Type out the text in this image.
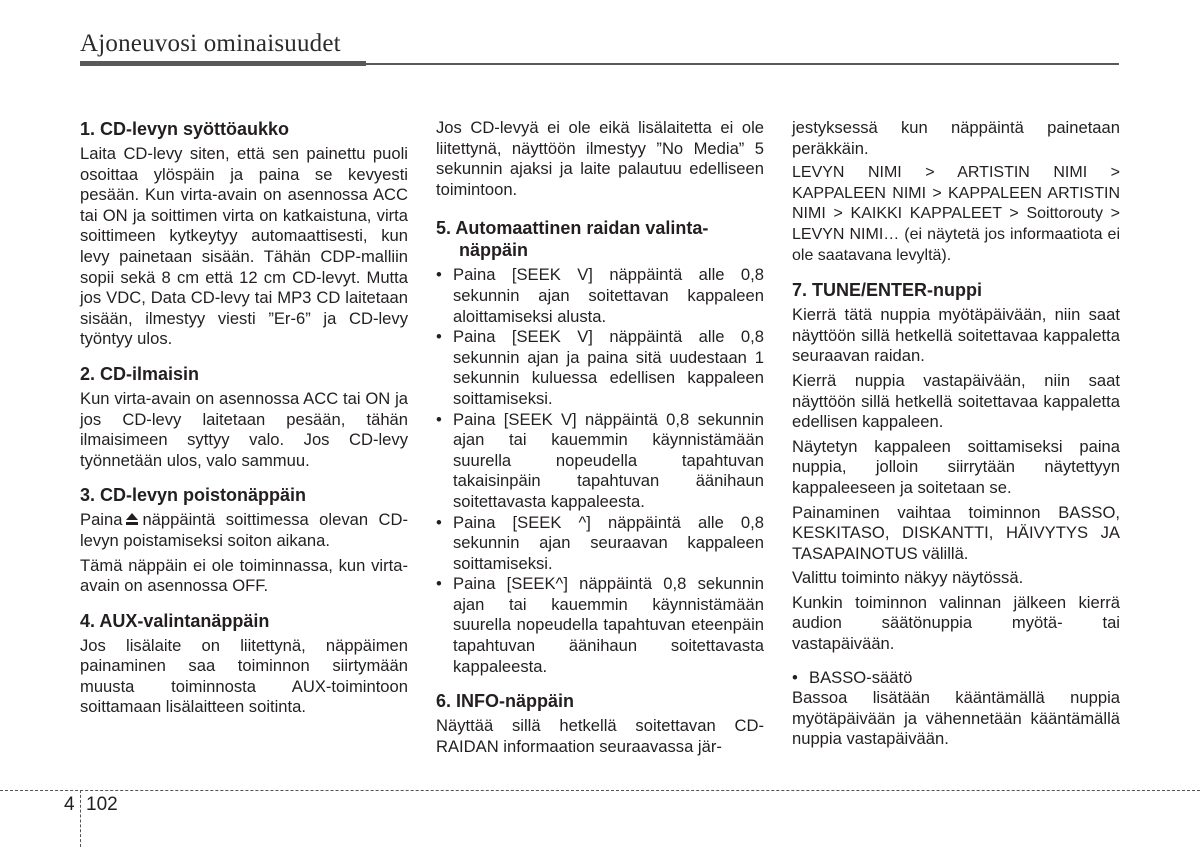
Ajoneuvosi ominaisuudet
1. CD-levyn syöttöaukko

Laita CD-levy siten, että sen painettu puoli osoittaa ylöspäin ja paina se kevyesti pesään. Kun virta-avain on asennossa ACC tai ON ja soittimen virta on katkaistuna, virta soittimeen kytkeytyy automaattisesti, kun levy painetaan sisään. Tähän CDP-malliin sopii sekä 8 cm että 12 cm CD-levyt. Mutta jos VDC, Data CD-levy tai MP3 CD laitetaan sisään, ilmestyy viesti ”Er-6” ja CD-levy työntyy ulos.

2. CD-ilmaisin

Kun virta-avain on asennossa ACC tai ON ja jos CD-levy laitetaan pesään, tähän ilmaisimeen syttyy valo. Jos CD-levy työnnetään ulos, valo sammuu.

3. CD-levyn poistonäppäin

Paina näppäintä soittimessa olevan CD-levyn poistamiseksi soiton aikana.

Tämä näppäin ei ole toiminnassa, kun virta-avain on asennossa OFF.

4. AUX-valintanäppäin

Jos lisälaite on liitettynä, näppäimen painaminen saa toiminnon siirtymään muusta toiminnosta AUX-toimintoon soittamaan lisälaitteen soitinta.

Jos CD-levyä ei ole eikä lisälaitetta ei ole liitettynä, näyttöön ilmestyy ”No Media” 5 sekunnin ajaksi ja laite palautuu edelliseen toimintoon.

5. Automaattinen raidan valinta-
näppäin

• Paina [SEEK V] näppäintä alle 0,8 sekunnin ajan soitettavan kappaleen aloittamiseksi alusta.

• Paina [SEEK V] näppäintä alle 0,8 sekunnin ajan ja paina sitä uudestaan 1 sekunnin kuluessa edellisen kappaleen soittamiseksi.

• Paina [SEEK V] näppäintä 0,8 sekunnin ajan tai kauemmin käynnistämään suurella nopeudella tapahtuvan takaisinpäin tapahtuvan äänihaun soitettavasta kappaleesta.

• Paina [SEEK ^] näppäintä alle 0,8 sekunnin ajan seuraavan kappaleen soittamiseksi.

• Paina [SEEK^] näppäintä 0,8 sekunnin ajan tai kauemmin käynnistämään suurella nopeudella tapahtuvan eteenpäin tapahtuvan äänihaun soitettavasta kappaleesta.

6. INFO-näppäin

Näyttää sillä hetkellä soitettavan CD-RAIDAN informaation seuraavassa jär-

jestyksessä kun näppäintä painetaan peräkkäin.

LEVYN NIMI > ARTISTIN NIMI > KAPPALEEN NIMI > KAPPALEEN ARTISTIN NIMI > KAIKKI KAPPALEET > Soittorouty > LEVYN NIMI… (ei näytetä jos informaatiota ei ole saatavana levyltä).

7. TUNE/ENTER-nuppi

Kierrä tätä nuppia myötäpäivään, niin saat näyttöön sillä hetkellä soitettavaa kappaletta seuraavan raidan.

Kierrä nuppia vastapäivään, niin saat näyttöön sillä hetkellä soitettavaa kappaletta edellisen kappaleen.

Näytetyn kappaleen soittamiseksi paina nuppia, jolloin siirrytään näytettyyn kappaleeseen ja soitetaan se.

Painaminen vaihtaa toiminnon BASSO, KESKITASO, DISKANTTI, HÄIVYTYS JA TASAPAINOTUS välillä.

Valittu toiminto näkyy näytössä.

Kunkin toiminnon valinnan jälkeen kierrä audion säätönuppia myötä- tai vastapäivään.

• BASSO-säätö

Bassoa lisätään kääntämällä nuppia myötäpäivään ja vähennetään kääntämällä nuppia vastapäivään.

4 102
